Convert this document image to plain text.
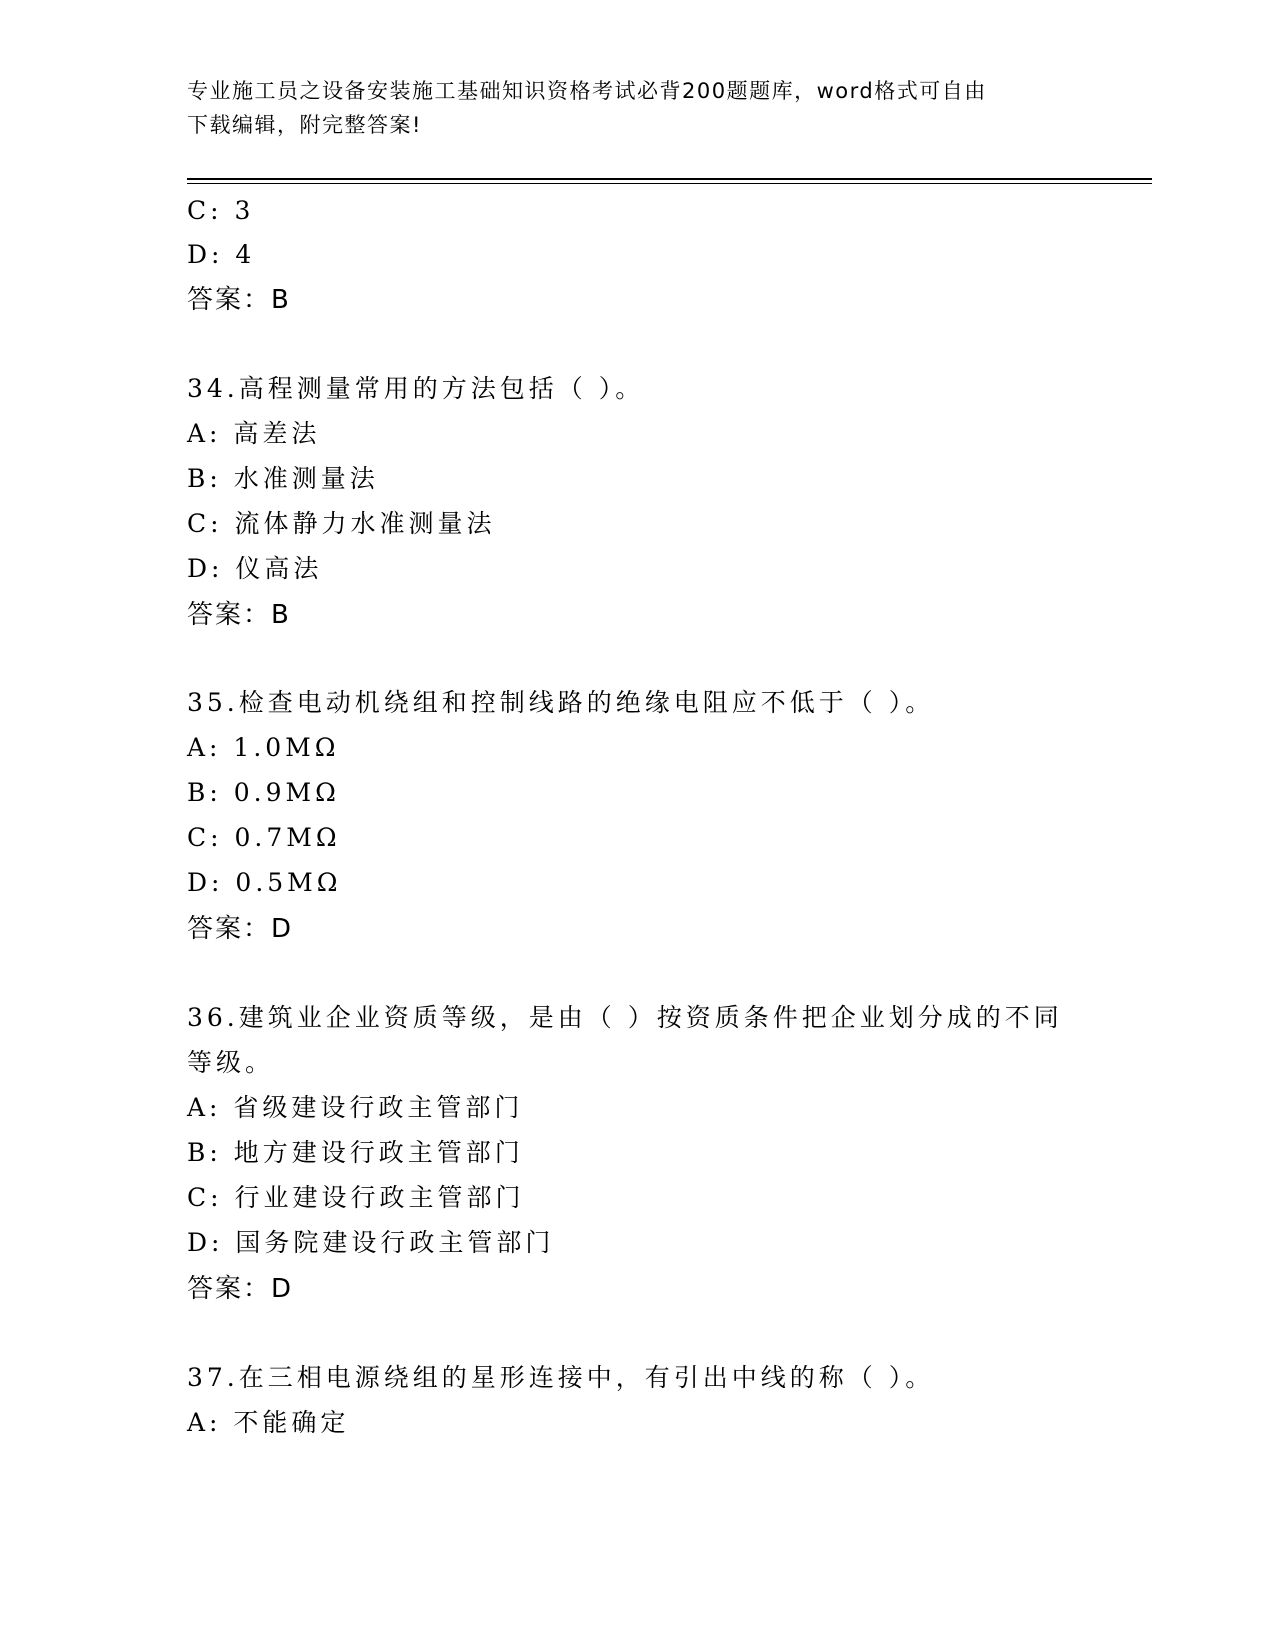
专业施工员之设备安装施工基础知识资格考试必背200题题库，word格式可自由
下载编辑，附完整答案!
C: 3
D: 4
答案：B
34.高程测量常用的方法包括（ ）。
A: 高差法
B: 水准测量法
C: 流体静力水准测量法
D: 仪高法
答案：B
35.检查电动机绕组和控制线路的绝缘电阻应不低于（ ）。
A: 1.0MΩ
B: 0.9MΩ
C: 0.7MΩ
D: 0.5MΩ
答案：D
36.建筑业企业资质等级，是由（ ）按资质条件把企业划分成的不同
等级。
A: 省级建设行政主管部门
B: 地方建设行政主管部门
C: 行业建设行政主管部门
D: 国务院建设行政主管部门
答案：D
37.在三相电源绕组的星形连接中，有引出中线的称（ ）。
A: 不能确定
